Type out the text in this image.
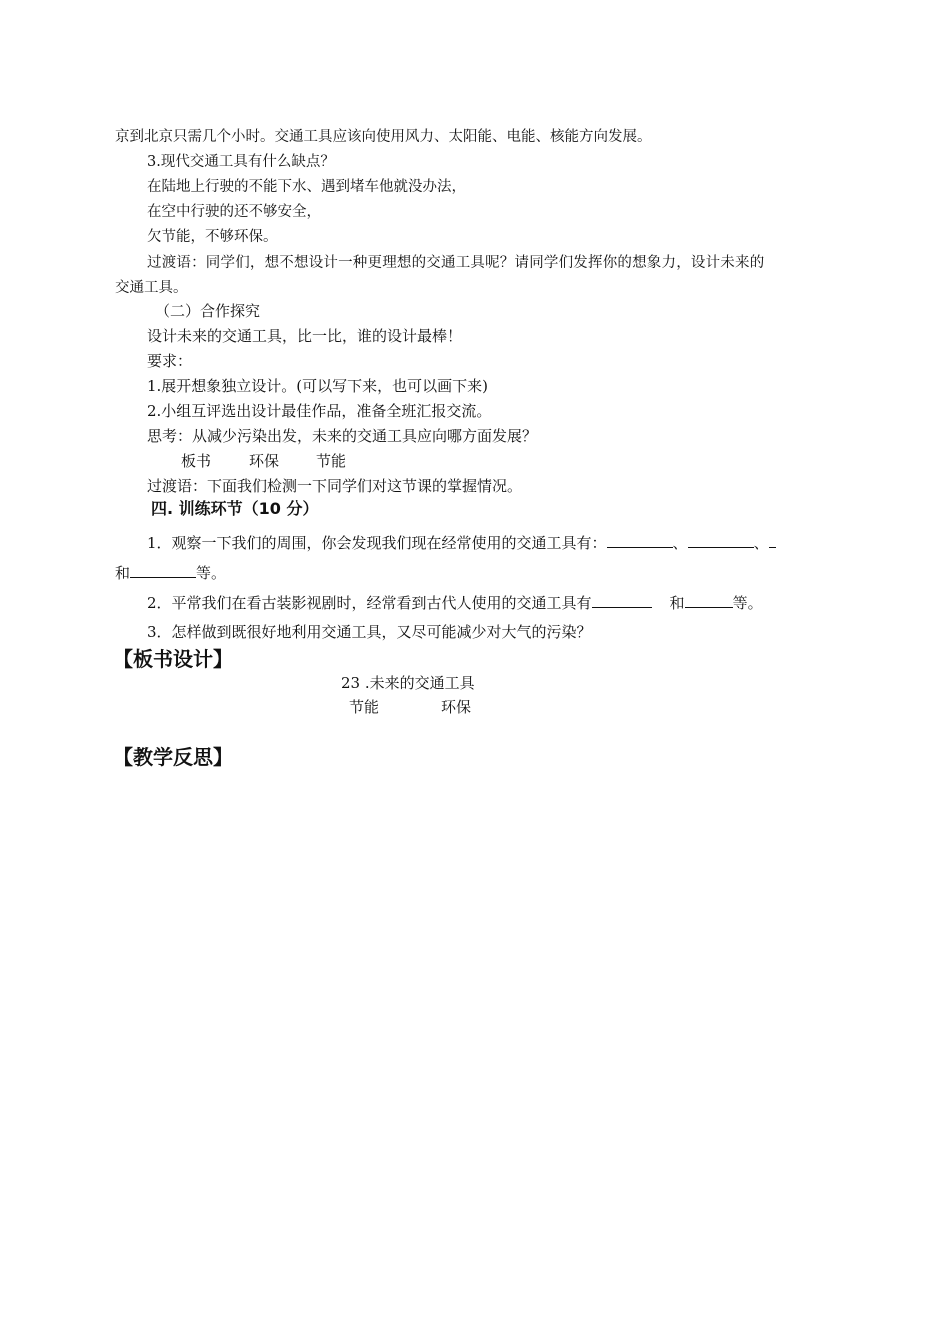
京到北京只需几个小时。交通工具应该向使用风力、太阳能、电能、核能方向发展。
3.现代交通工具有什么缺点？
在陆地上行驶的不能下水、遇到堵车他就没办法，
在空中行驶的还不够安全，
欠节能，不够环保。
过渡语：同学们，想不想设计一种更理想的交通工具呢？请同学们发挥你的想象力，设计未来的
交通工具。
（二）合作探究
设计未来的交通工具，比一比，谁的设计最棒！
要求：
1.展开想象独立设计。(可以写下来，也可以画下来)
2.小组互评选出设计最佳作品，准备全班汇报交流。
思考：从减少污染出发，未来的交通工具应向哪方面发展？
板书	环保 节能
过渡语：下面我们检测一下同学们对这节课的掌握情况。
四. 训练环节（10 分）
1．观察一下我们的周围，你会发现我们现在经常使用的交通工具有：	、	、
和	等。
2．平常我们在看古装影视剧时，经常看到古代人使用的交通工具有	和	等。
3．怎样做到既很好地利用交通工具，又尽可能减少对大气的污染？
【板书设计】
23 .未来的交通工具
节能	环保
【教学反思】
